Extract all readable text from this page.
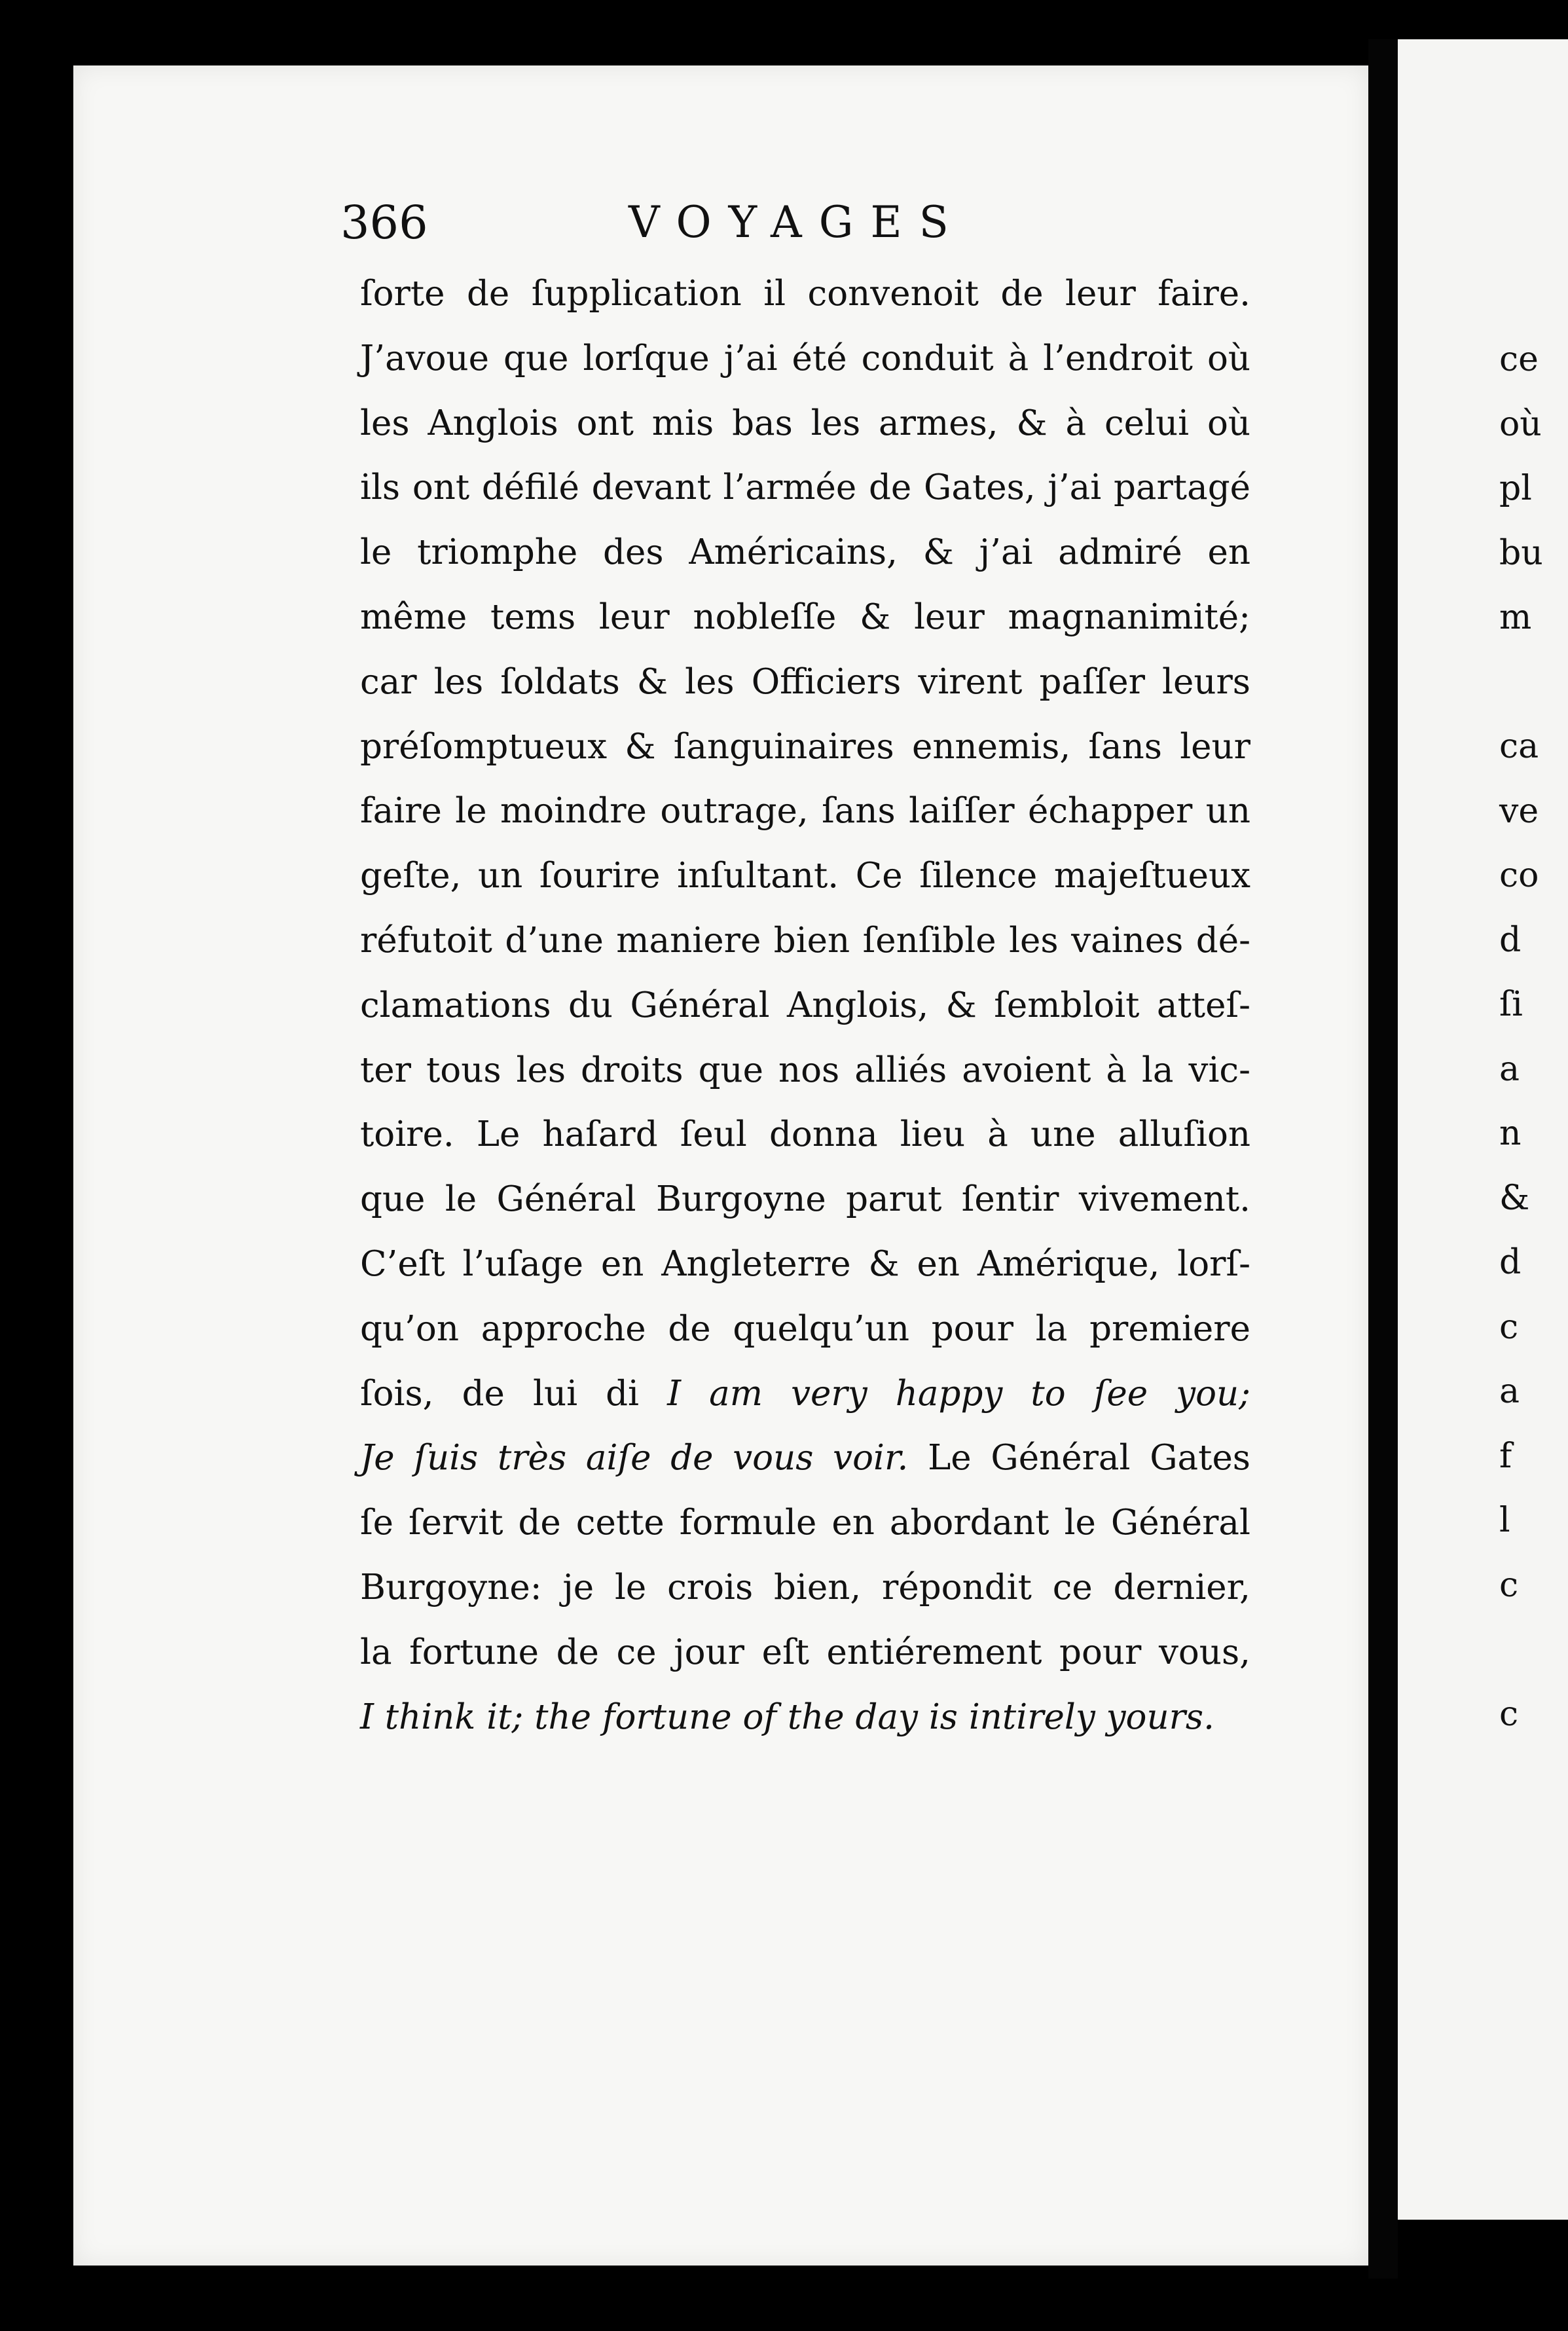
366	VOYAGES
ſorte de ſupplication il convenoit de leur faire.
J’avoue que lorſque j’ai été conduit à l’endroit où
les Anglois ont mis bas les armes, & à celui où
ils ont défilé devant l’armée de Gates, j’ai partagé
le triomphe des Américains, & j’ai admiré en
même tems leur nobleſſe & leur magnanimité;
car les ſoldats & les Officiers virent paſſer leurs
préſomptueux & ſanguinaires ennemis, ſans leur
faire le moindre outrage, ſans laiſſer échapper un
geſte, un ſourire inſultant. Ce ſilence majeſtueux
réfutoit d’une maniere bien ſenſible les vaines dé-
clamations du Général Anglois, & ſembloit atteſ-
ter tous les droits que nos alliés avoient à la vic-
toire. Le haſard ſeul donna lieu à une alluſion
que le Général Burgoyne parut ſentir vivement.
C’eſt l’uſage en Angleterre & en Amérique, lorſ-
qu’on approche de quelqu’un pour la premiere
ſois, de lui di I am very happy to ſee you;
Je ſuis très aiſe de vous voir. Le Général Gates
ſe ſervit de cette formule en abordant le Général
Burgoyne: je le crois bien, répondit ce dernier,
la fortune de ce jour eſt entiérement pour vous,
I think it; the fortune of the day is intirely yours.
ce
où
pl
bu
m
ca
ve
co
d
ſi
a
n
&
d
c
a
f
l
c
c
